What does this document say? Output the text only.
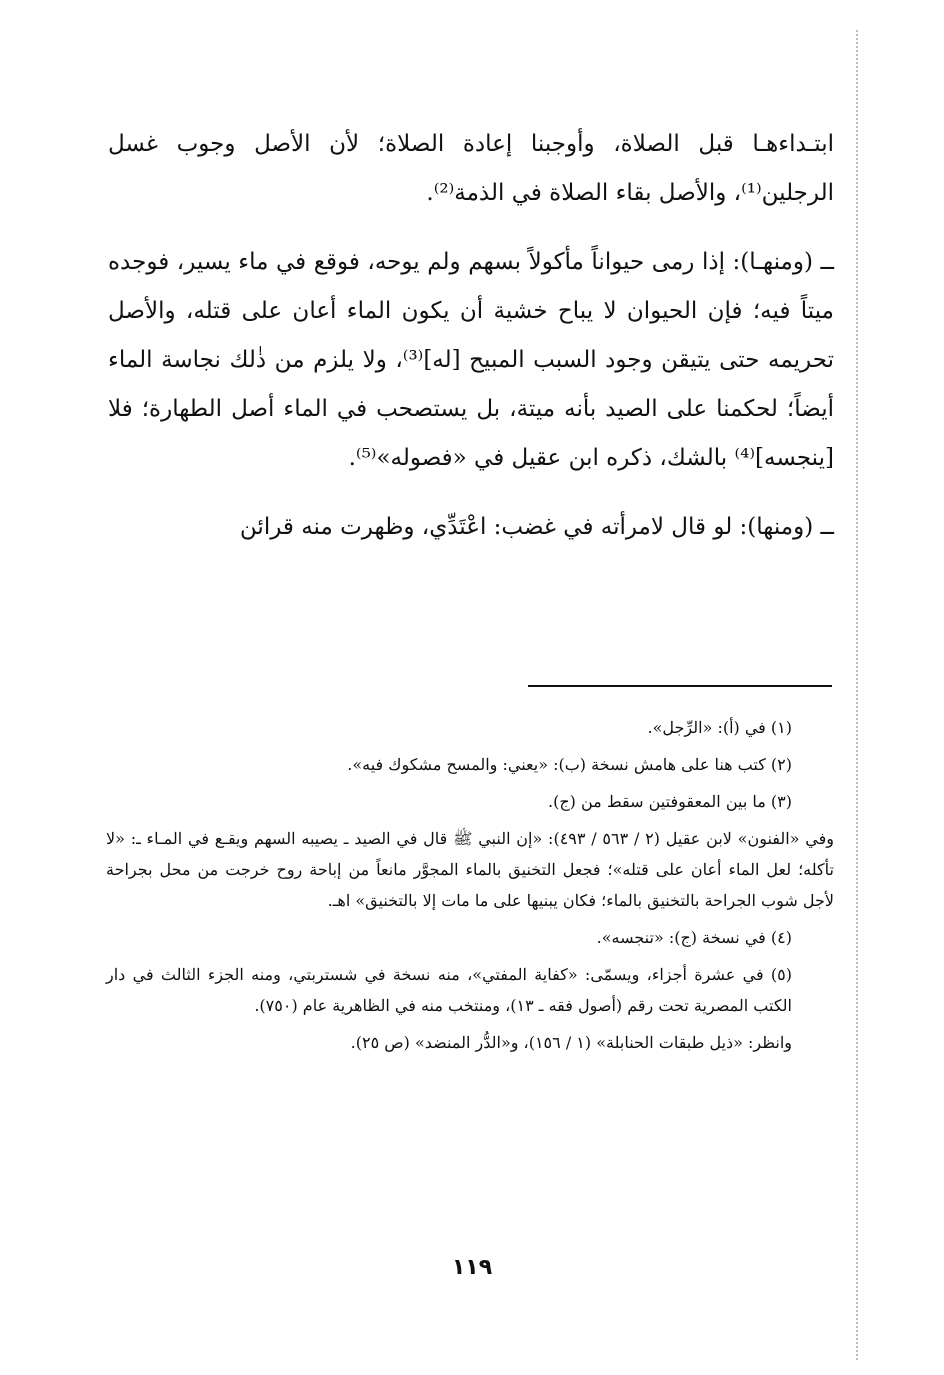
ابتـداءهـا قبل الصلاة، وأوجبنا إعادة الصلاة؛ لأن الأصل وجوب غسل الرجلين⁽¹⁾، والأصل بقاء الصلاة في الذمة⁽²⁾.

ــ (ومنهـا): إذا رمى حيواناً مأكولاً بسهم ولم يوحه، فوقع في ماء يسير، فوجده ميتاً فيه؛ فإن الحيوان لا يباح خشية أن يكون الماء أعان على قتله، والأصل تحريمه حتى يتيقن وجود السبب المبيح [له]⁽³⁾، ولا يلزم من ذٰلك نجاسة الماء أيضاً؛ لحكمنا على الصيد بأنه ميتة، بل يستصحب في الماء أصل الطهارة؛ فلا [ينجسه]⁽⁴⁾ بالشك، ذكره ابن عقيل في «فصوله»⁽⁵⁾.

ــ (ومنها): لو قال لامرأته في غضب: اعْتَدِّي، وظهرت منه قرائن

(١) في (أ): «الرِّجل».

(٢) كتب هنا على هامش نسخة (ب): «يعني: والمسح مشكوك فيه».

(٣) ما بين المعقوفتين سقط من (ج).

وفي «الفنون» لابن عقيل (٢ / ٥٦٣ / ٤٩٣): «إن النبي ﷺ قال في الصيد ـ يصيبه السهم ويقـع في المـاء ـ: «لا تأكله؛ لعل الماء أعان على قتله»؛ فجعل التخنيق بالماء المجوَّر مانعاً من إباحة روح خرجت من محل بجراحة لأجل شوب الجراحة بالتخنيق بالماء؛ فكان يبنيها على ما مات إلا بالتخنيق» اهـ.

(٤) في نسخة (ج): «تنجسه».

(٥) في عشرة أجزاء، ويسمّى: «كفاية المفتي»، منه نسخة في شستربتي، ومنه الجزء الثالث في دار الكتب المصرية تحت رقم (أصول فقه ـ ١٣)، ومنتخب منه في الظاهرية عام (٧٥٠).

وانظر: «ذيل طبقات الحنابلة» (١ / ١٥٦)، و«الدُّر المنضد» (ص ٢٥).

١١٩
